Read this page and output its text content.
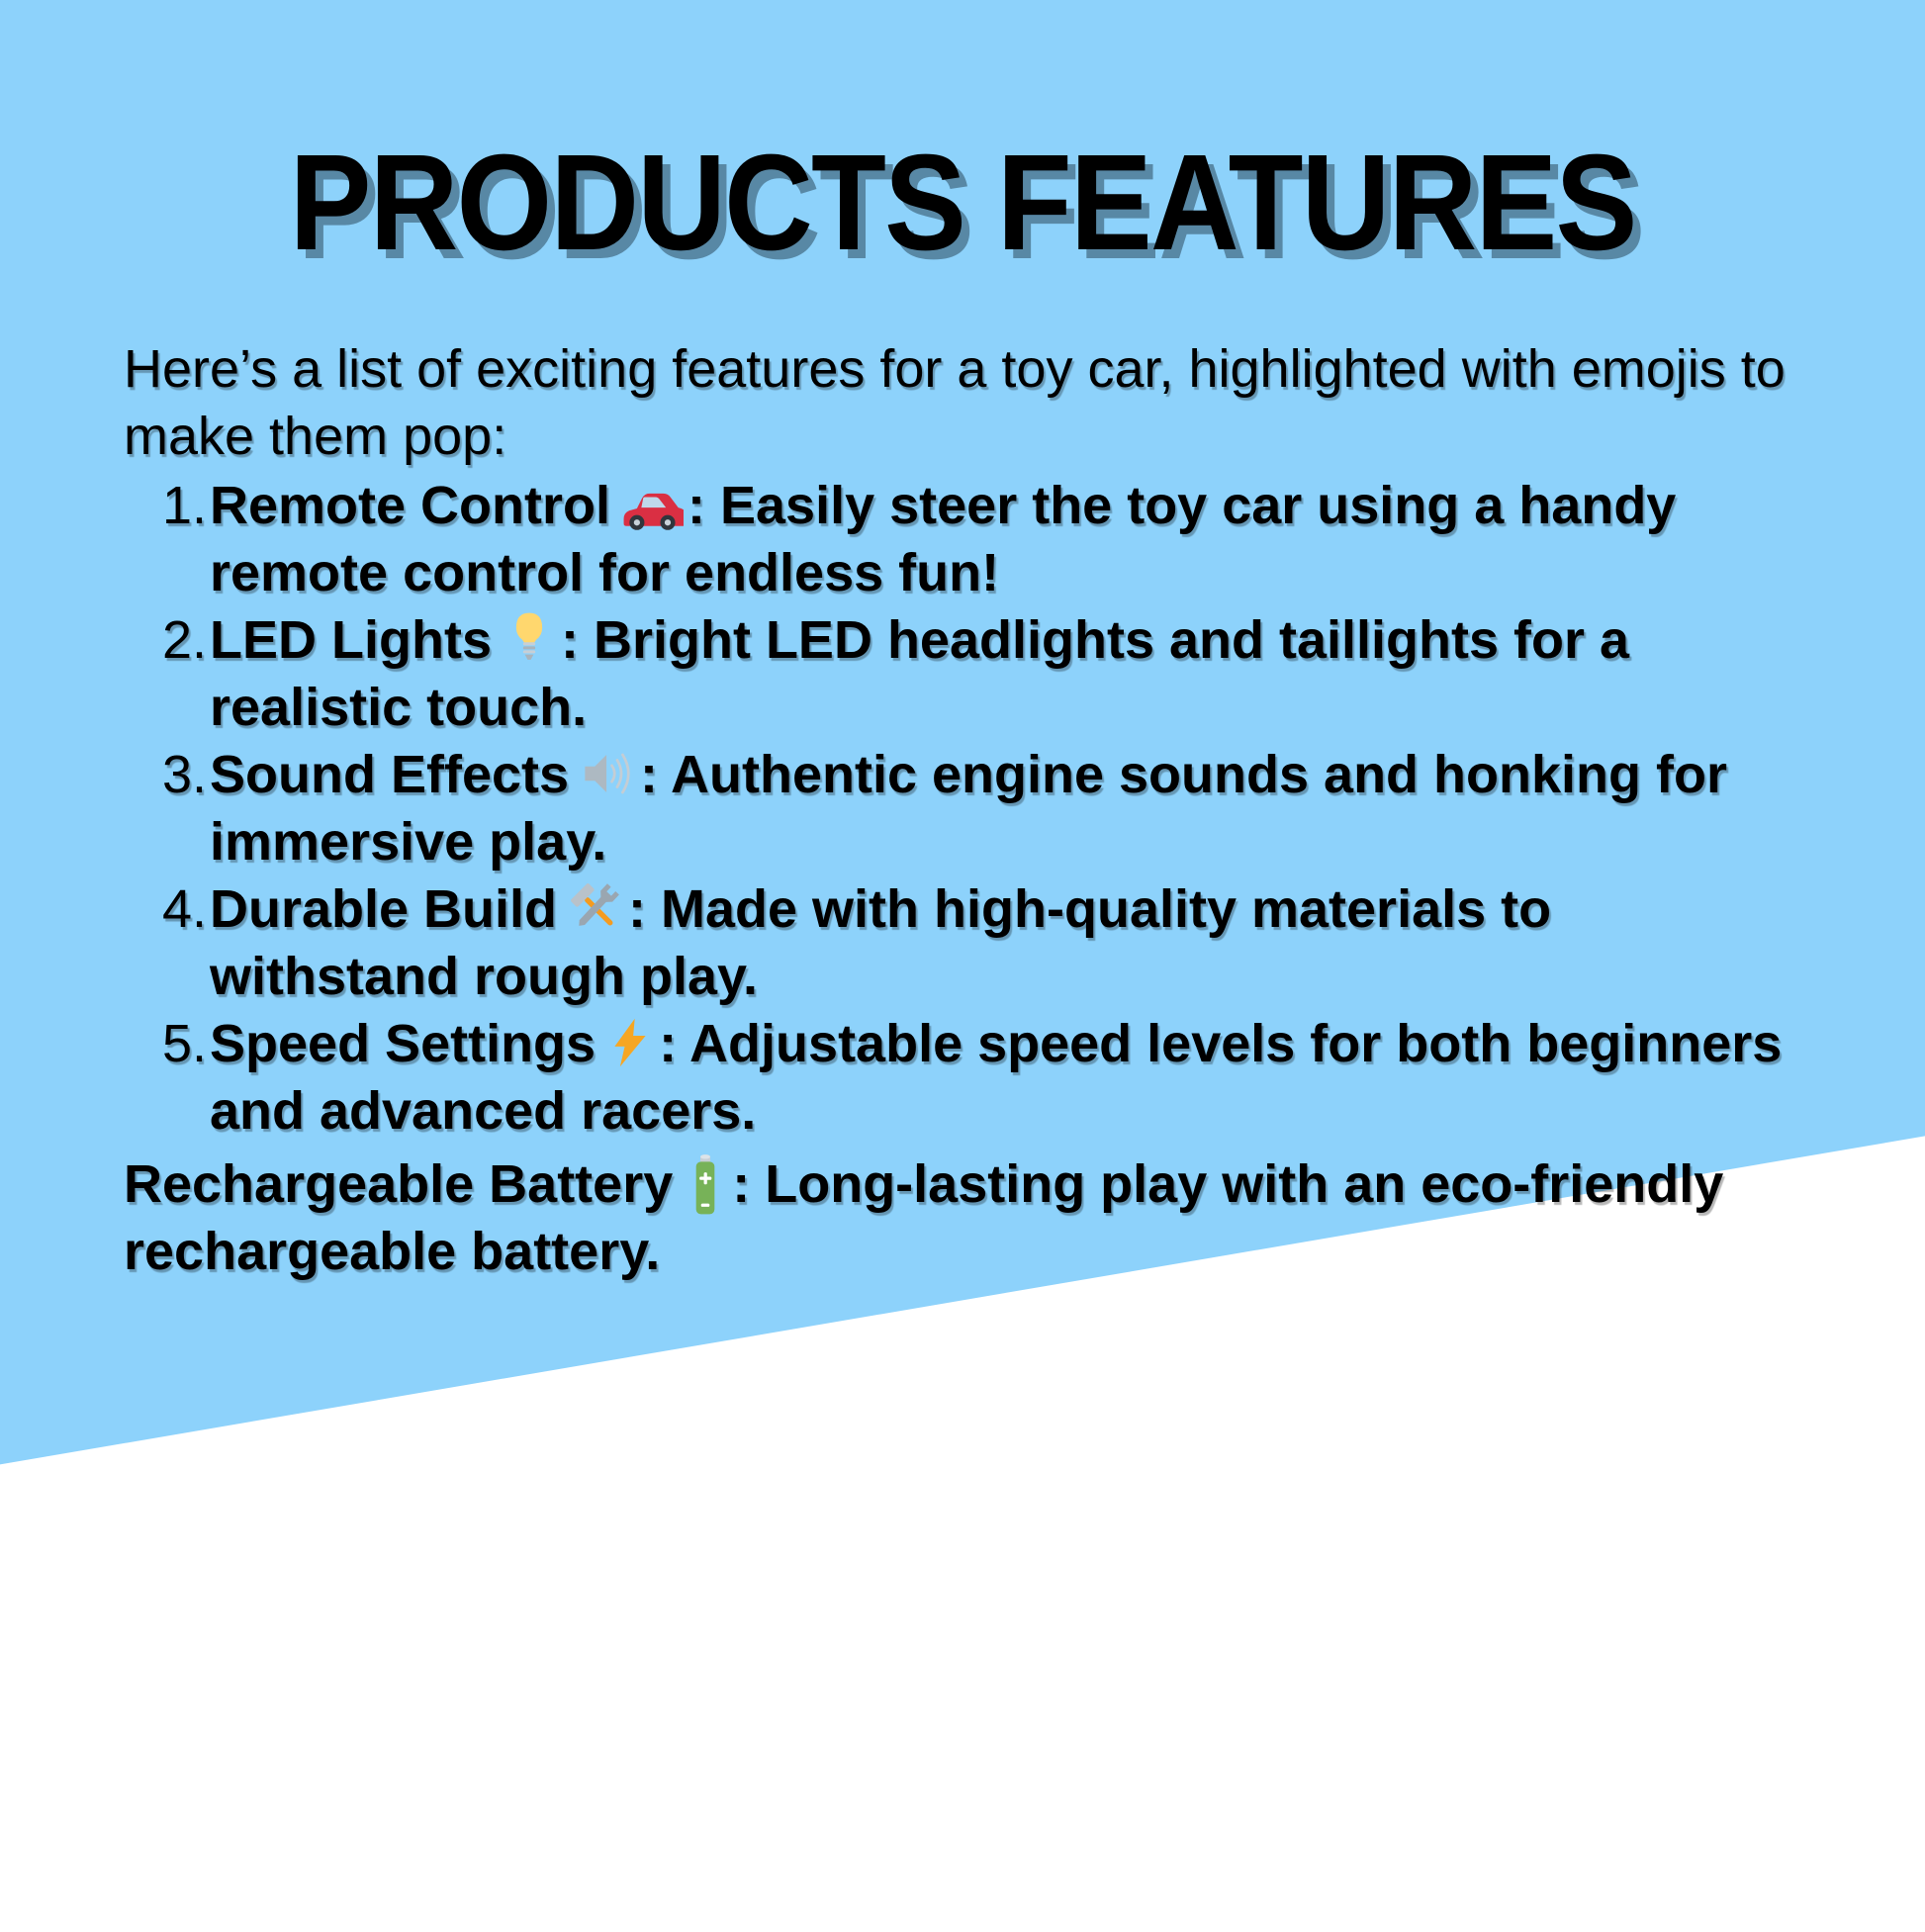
PRODUCTS FEATURES
Here’s a list of exciting features for a toy car, highlighted with emojis to make them pop:
1. Remote Control : Easily steer the toy car using a handy remote control for endless fun!
2. LED Lights : Bright LED headlights and taillights for a realistic touch.
3. Sound Effects : Authentic engine sounds and honking for immersive play.
4. Durable Build : Made with high-quality materials to withstand rough play.
5. Speed Settings : Adjustable speed levels for both beginners and advanced racers.
Rechargeable Battery : Long-lasting play with an eco-friendly rechargeable battery.
